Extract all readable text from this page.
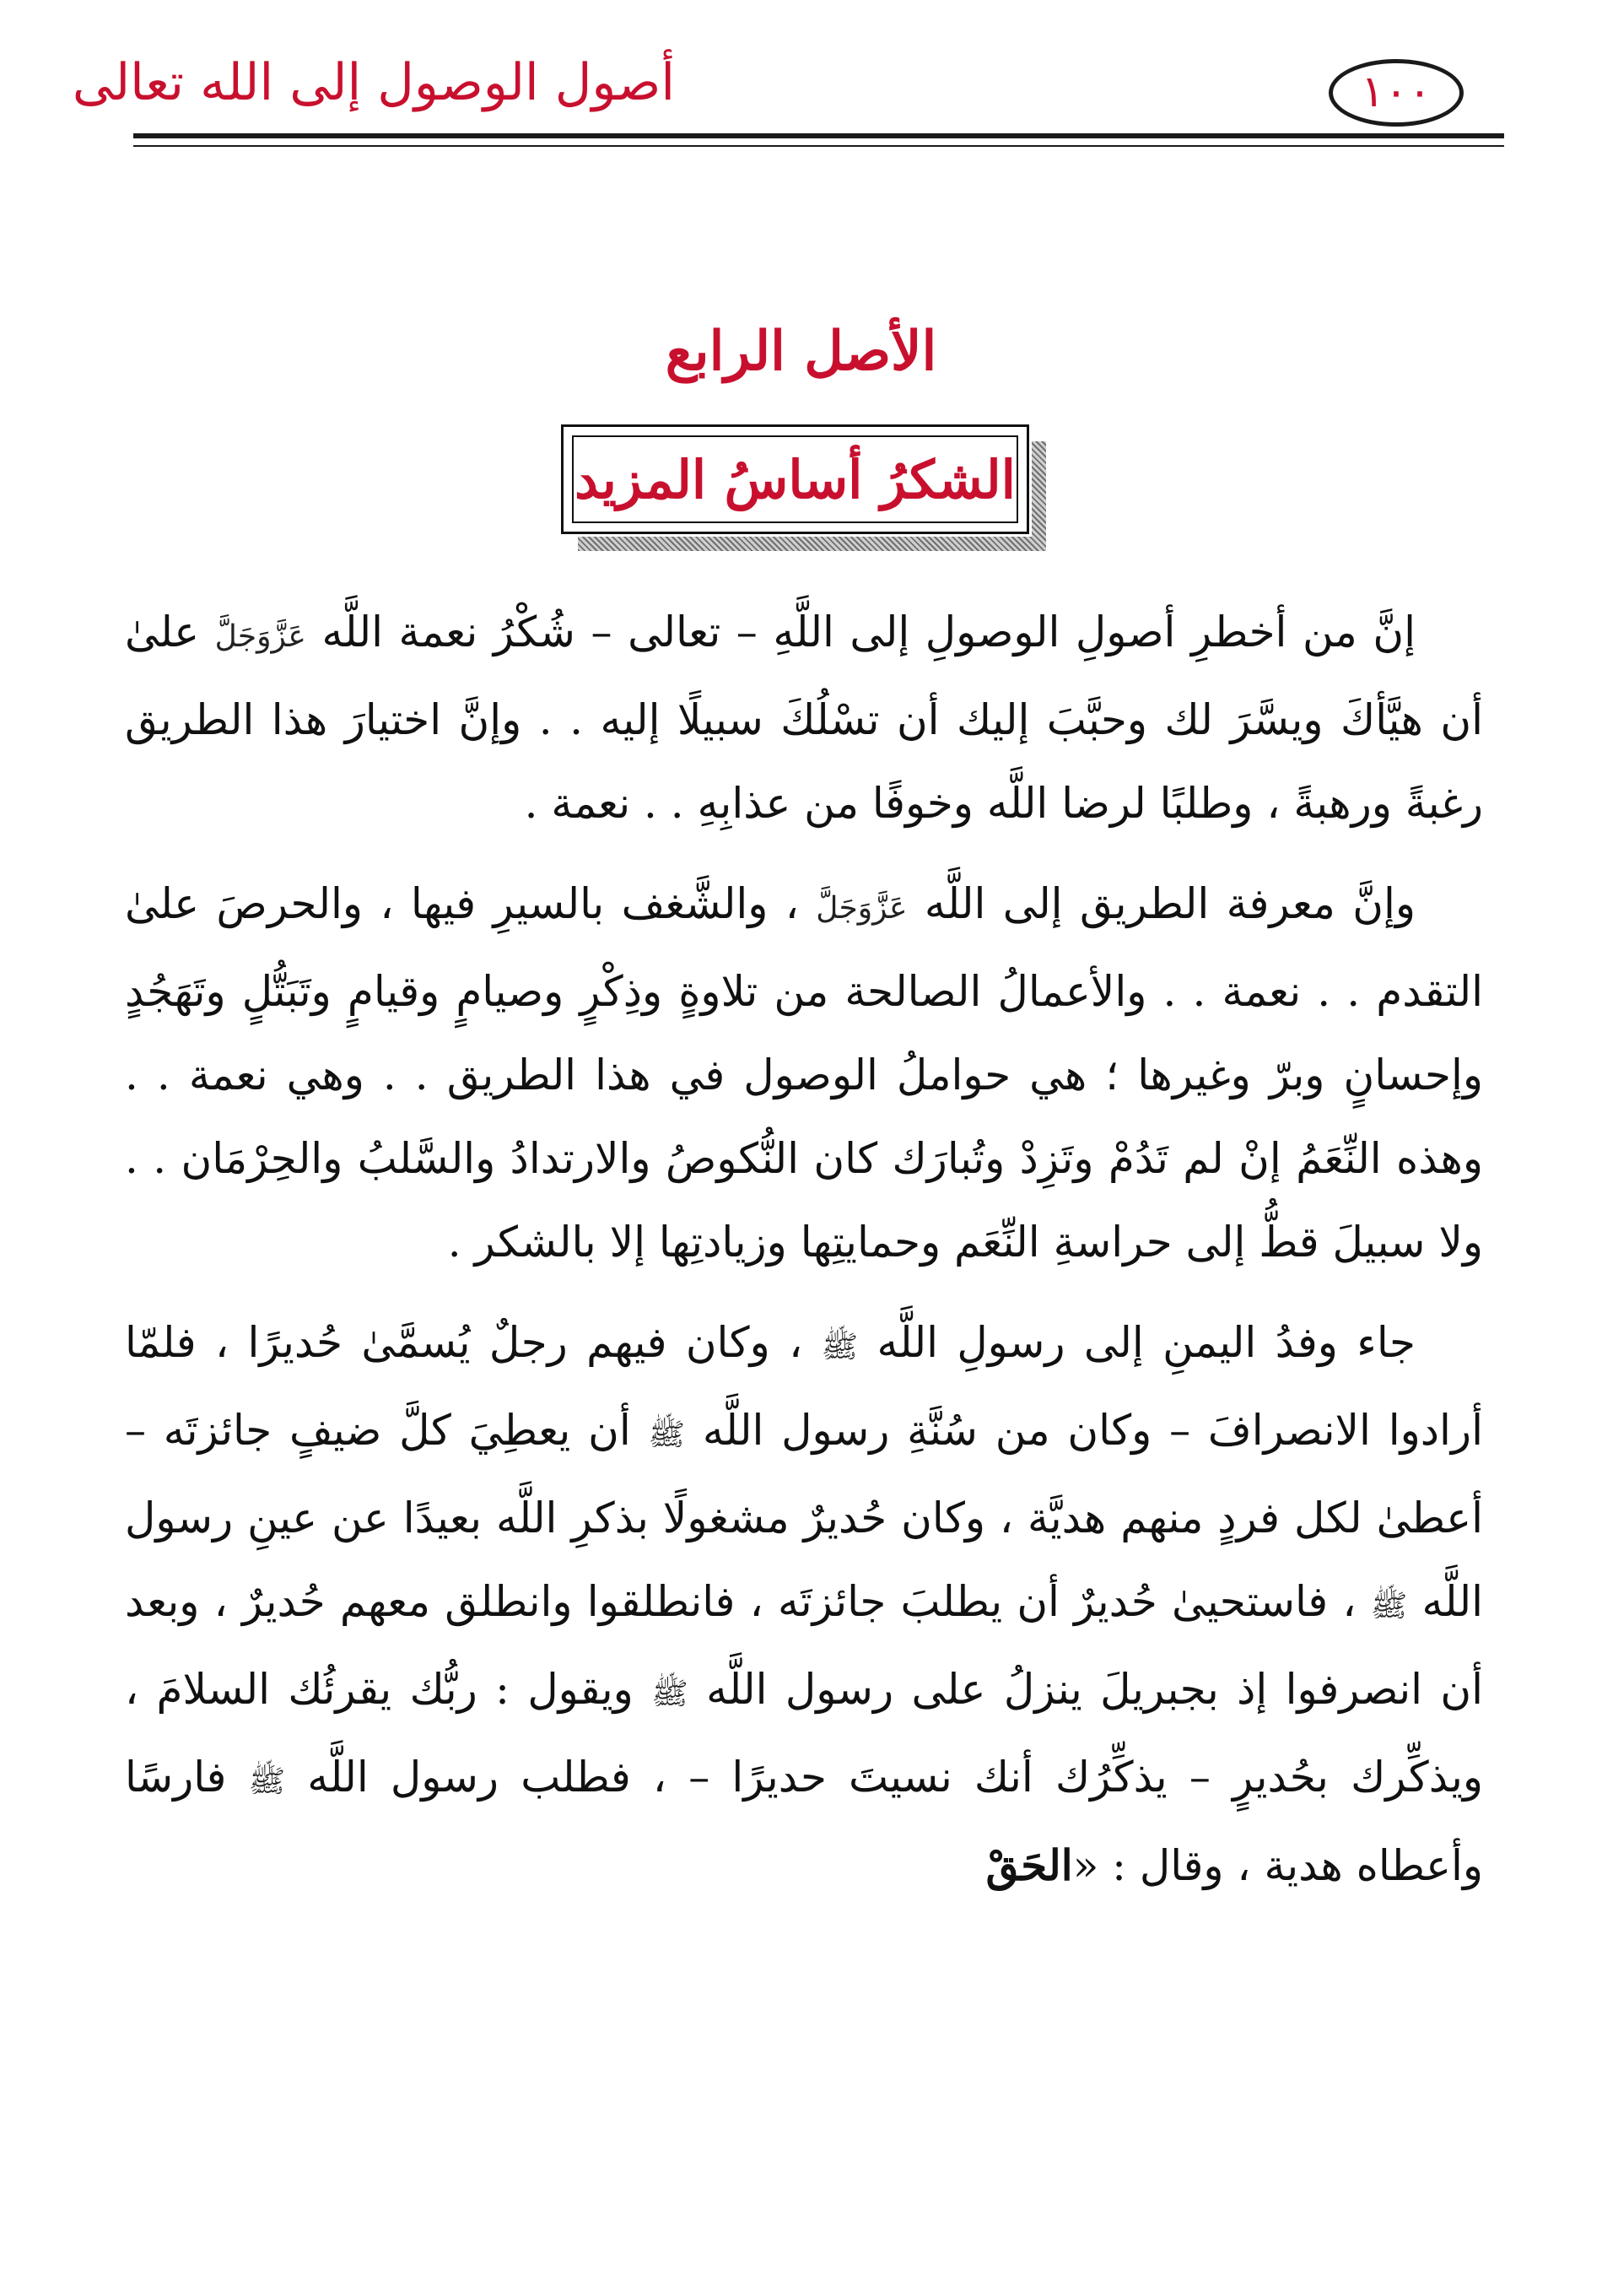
١٠٠
أصول الوصول إلى الله تعالى
الأصل الرابع
الشكرُ أساسُ المزيد

إنَّ من أخطرِ أصولِ الوصولِ إلى اللَّهِ – تعالى – شُكْرُ نعمة اللَّه عَزَّوَجَلَّ علىٰ أن هيَّأكَ ويسَّرَ لك وحبَّبَ إليك أن تسْلُكَ سبيلًا إليه . . وإنَّ اختيارَ هذا الطريق رغبةً ورهبةً ، وطلبًا لرضا اللَّه وخوفًا من عذابِهِ . . نعمة .

وإنَّ معرفة الطريق إلى اللَّه عَزَّوَجَلَّ ، والشَّغف بالسيرِ فيها ، والحرصَ علىٰ التقدم . . نعمة . . والأعمالُ الصالحة من تلاوةٍ وذِكْرٍ وصيامٍ وقيامٍ وتَبَتُّلٍ وتَهَجُدٍ وإحسانٍ وبرّ وغيرها ؛ هي حواملُ الوصول في هذا الطريق . . وهي نعمة . . وهذه النِّعَمُ إنْ لم تَدُمْ وتَزِدْ وتُبارَك كان النُّكوصُ والارتدادُ والسَّلبُ والحِرْمَان . . ولا سبيلَ قطُّ إلى حراسةِ النِّعَم وحمايتِها وزيادتِها إلا بالشكر .

جاء وفدُ اليمنِ إلى رسولِ اللَّه ﷺ ، وكان فيهم رجلٌ يُسمَّىٰ حُديرًا ، فلمّا أرادوا الانصرافَ – وكان من سُنَّةِ رسول اللَّه ﷺ أن يعطِيَ كلَّ ضيفٍ جائزتَه – أعطىٰ لكل فردٍ منهم هديَّة ، وكان حُديرٌ مشغولًا بذكرِ اللَّه بعيدًا عن عينِ رسول اللَّه ﷺ ، فاستحيىٰ حُديرٌ أن يطلبَ جائزتَه ، فانطلقوا وانطلق معهم حُديرٌ ، وبعد أن انصرفوا إذ بجبريلَ ينزلُ على رسول اللَّه ﷺ ويقول : ربُّك يقرئُك السلامَ ، ويذكِّرك بحُديرٍ – يذكِّرُك أنك نسيتَ حديرًا – ، فطلب رسول اللَّه ﷺ فارسًا وأعطاه هدية ، وقال : «الحَقْ
